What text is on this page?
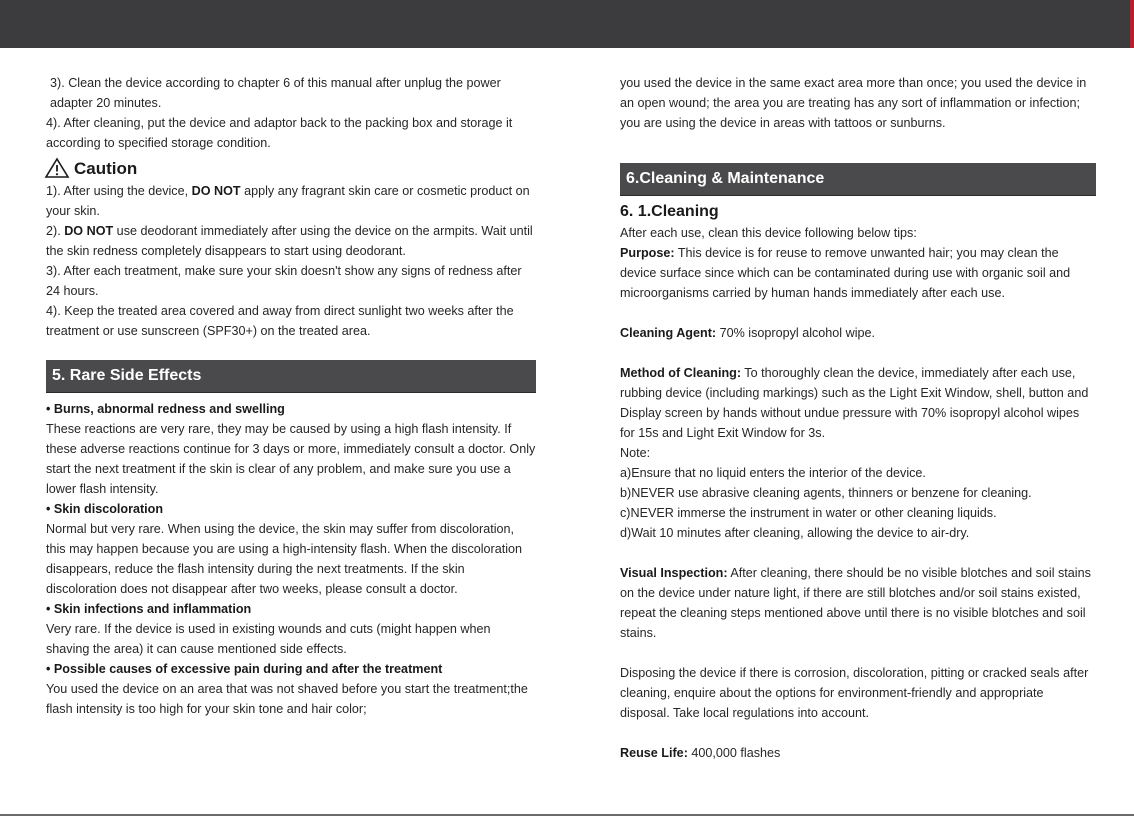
3). Clean the device according to chapter 6 of this manual after unplug the power adapter 20 minutes.

4). After cleaning, put the device and adaptor back to the packing box and storage it according to specified storage condition.

Caution

1). After using the device, DO NOT apply any fragrant skin care or cosmetic product on your skin.

2). DO NOT use deodorant immediately after using the device on the armpits. Wait until the skin redness completely disappears to start using deodorant.

3). After each treatment, make sure your skin doesn't show any signs of redness after 24 hours.

4). Keep the treated area covered and away from direct sunlight two weeks after the treatment or use sunscreen (SPF30+) on the treated area.

5. Rare Side Effects

• Burns, abnormal redness and swelling

These reactions are very rare, they may be caused by using a high flash intensity. If these adverse reactions continue for 3 days or more, immediately consult a doctor. Only start the next treatment if the skin is clear of any problem, and make sure you use a lower flash intensity.

• Skin discoloration

Normal but very rare. When using the device, the skin may suffer from discoloration, this may happen because you are using a high-intensity flash. When the discoloration disappears, reduce the flash intensity during the next treatments. If the skin discoloration does not disappear after two weeks, please consult a doctor.

• Skin infections and inflammation

Very rare. If the device is used in existing wounds and cuts (might happen when shaving the area) it can cause mentioned side effects.

• Possible causes of excessive pain during and after the treatment

You used the device on an area that was not shaved before you start the treatment;the flash intensity is too high for your skin tone and hair color;

you used the device in the same exact area more than once; you used the device in an open wound; the area you are treating has any sort of inflammation or infection; you are using the device in areas with tattoos or sunburns.

6.Cleaning & Maintenance

6. 1.Cleaning

After each use, clean this device following below tips:

Purpose: This device is for reuse to remove unwanted hair; you may clean the device surface since which can be contaminated during use with organic soil and microorganisms carried by human hands immediately after each use.

Cleaning Agent: 70% isopropyl alcohol wipe.

Method of Cleaning: To thoroughly clean the device, immediately after each use, rubbing device (including markings) such as the Light Exit Window, shell, button and Display screen by hands without undue pressure with 70% isopropyl alcohol wipes for 15s and Light Exit Window for 3s.

Note:

a)Ensure that no liquid enters the interior of the device.

b)NEVER use abrasive cleaning agents, thinners or benzene for cleaning.

c)NEVER immerse the instrument in water or other cleaning liquids.

d)Wait 10 minutes after cleaning, allowing the device to air-dry.

Visual Inspection: After cleaning, there should be no visible blotches and soil stains on the device under nature light, if there are still blotches and/or soil stains existed, repeat the cleaning steps mentioned above until there is no visible blotches and soil stains.

Disposing the device if there is corrosion, discoloration, pitting or cracked seals after cleaning, enquire about the options for environment-friendly and appropriate disposal. Take local regulations into account.

Reuse Life: 400,000 flashes
